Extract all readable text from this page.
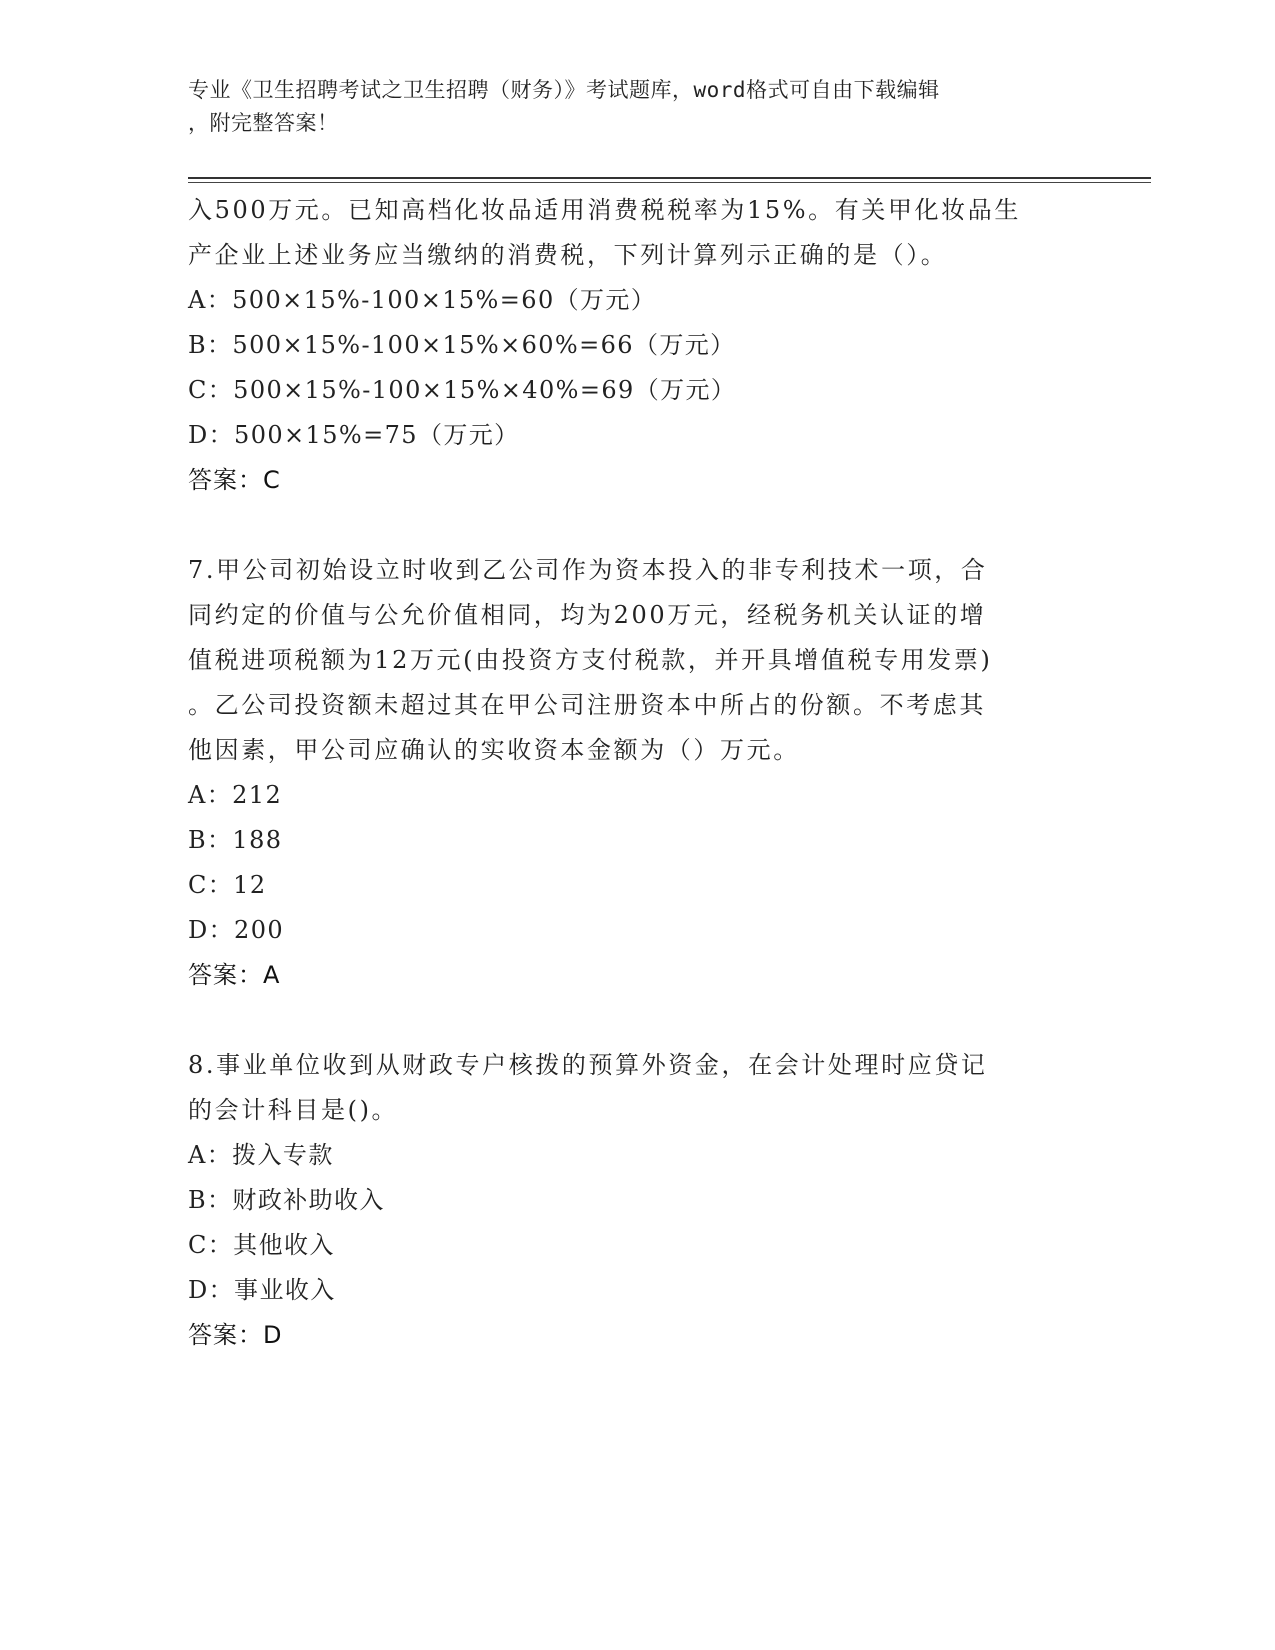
专业《卫生招聘考试之卫生招聘（财务）》考试题库，word格式可自由下载编辑
，附完整答案！
入500万元。已知高档化妆品适用消费税税率为15%。有关甲化妆品生
产企业上述业务应当缴纳的消费税，下列计算列示正确的是（）。
A：500×15%-100×15%=60（万元）
B：500×15%-100×15%×60%=66（万元）
C：500×15%-100×15%×40%=69（万元）
D：500×15%=75（万元）
答案：C
7.甲公司初始设立时收到乙公司作为资本投入的非专利技术一项，合
同约定的价值与公允价值相同，均为200万元，经税务机关认证的增
值税进项税额为12万元(由投资方支付税款，并开具增值税专用发票)
。乙公司投资额未超过其在甲公司注册资本中所占的份额。不考虑其
他因素，甲公司应确认的实收资本金额为（）万元。
A：212
B：188
C：12
D：200
答案：A
8.事业单位收到从财政专户核拨的预算外资金，在会计处理时应贷记
的会计科目是()。
A：拨入专款
B：财政补助收入
C：其他收入
D：事业收入
答案：D
